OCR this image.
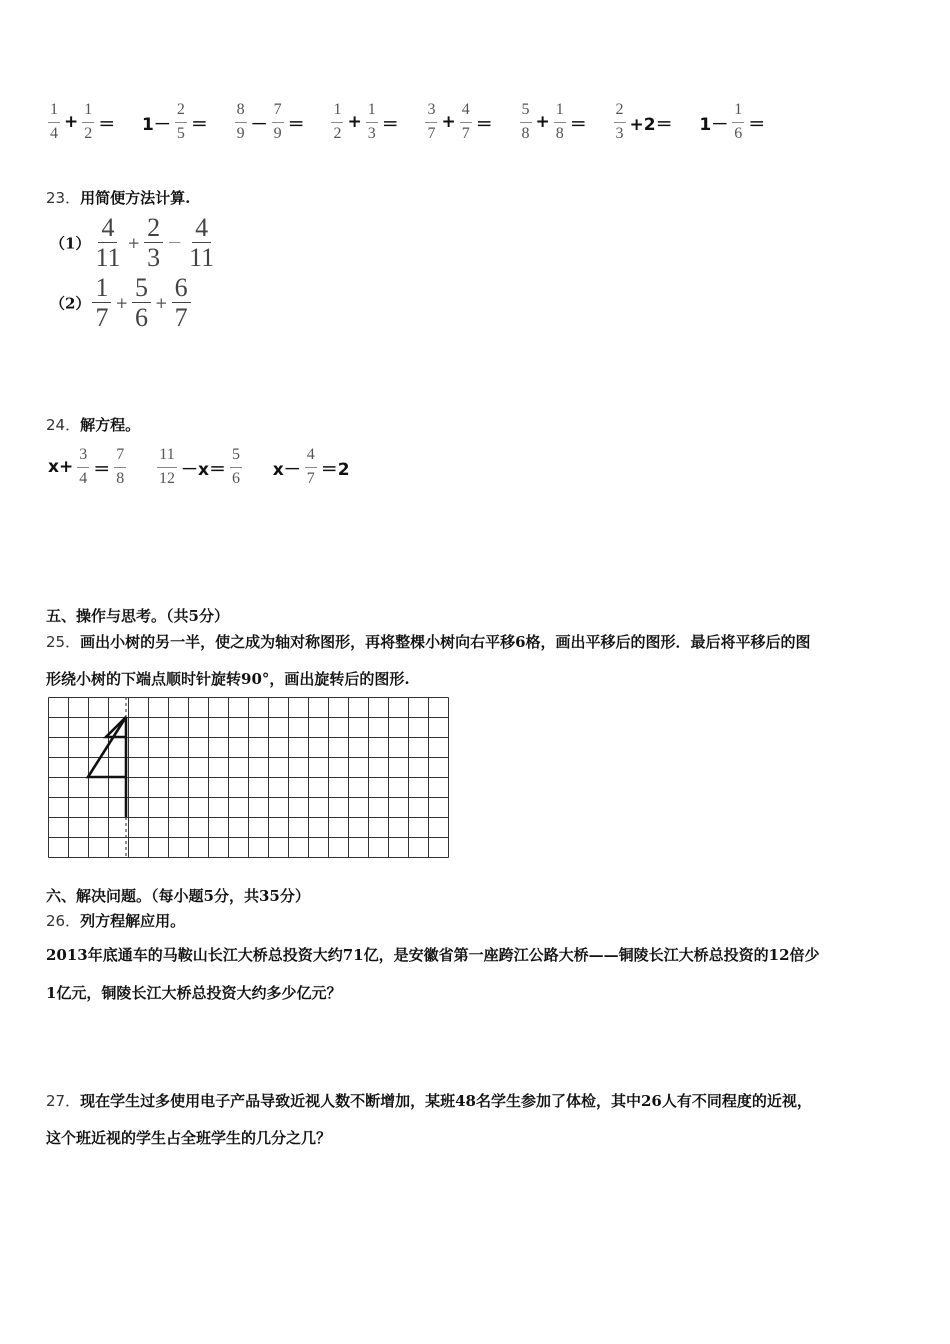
$\frac{1}{4} + \frac{1}{2} = 1- \frac{2}{5} = \frac{8}{9} - \frac{7}{9} = \frac{1}{2} + \frac{1}{3} = \frac{3}{7} + \frac{4}{7} = \frac{5}{8} + \frac{1}{8} = \frac{2}{3} +2= 1- \frac{1}{6}$ ＝
23．用简便方法计算.
$(1) \frac{4}{11} + \frac{2}{3} - \frac{4}{11}$
$(2) \frac{1}{7} + \frac{5}{6} + \frac{6}{7}$
24．解方程。
$x+ \frac{3}{4} = \frac{7}{8}$
$\frac{11}{12} -x= \frac{5}{6} x- \frac{4}{7} =2$
五、操作与思考。（共5分）
25．画出小树的另一半，使之成为轴对称图形，再将整棵小树向右平移6格，画出平移后的图形．最后将平移后的图
形绕小树的下端点顺时针旋转90°，画出旋转后的图形.
六、解决问题。（每小题5分，共35分）
26．列方程解应用。
2013年底通车的马鞍山长江大桥总投资大约71亿，是安徽省第一座跨江公路大桥——铜陵长江大桥总投资的12倍少
1亿元，铜陵长江大桥总投资大约多少亿元？
27．现在学生过多使用电子产品导致近视人数不断增加，某班48名学生参加了体检，其中26人有不同程度的近视，
这个班近视的学生占全班学生的几分之几？
